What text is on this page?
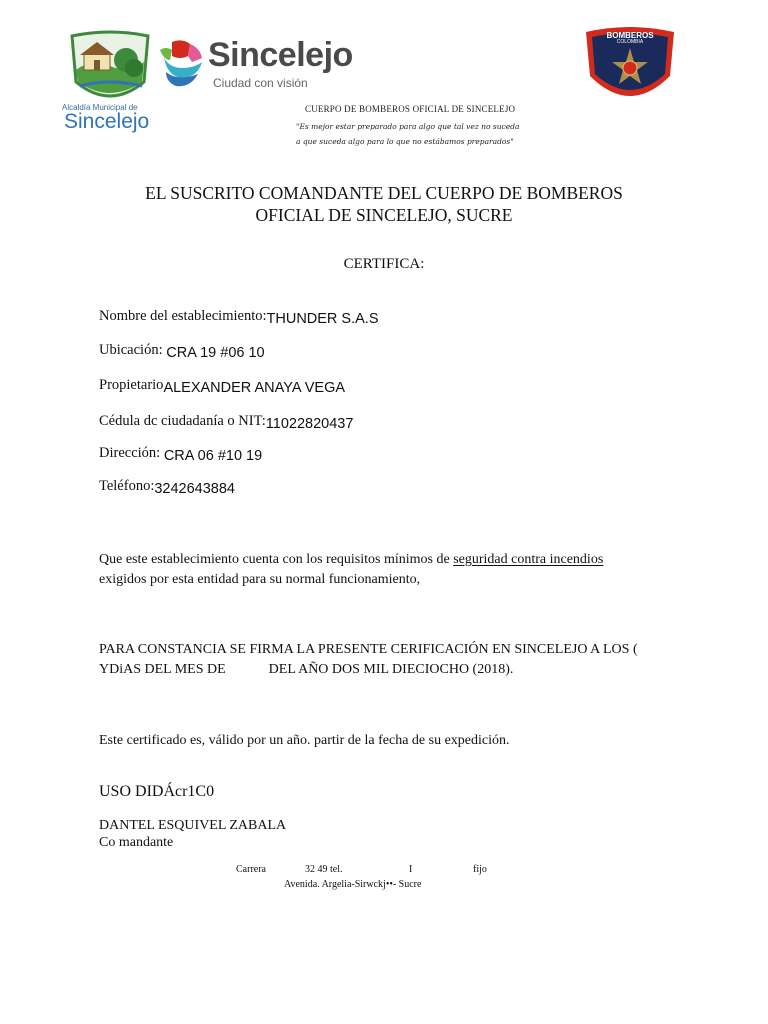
Alcaldía Municipal de
Sincelejo
Sincelejo
Ciudad con visión
BOMBEROS
COLOMBIA
CUERPO DE BOMBEROS OFICIAL DE SINCELEJO
"Es mejor estar preparado para algo que tal vez no suceda
a que suceda algo para lo que no estábamos preparados"
EL SUSCRITO COMANDANTE DEL CUERPO DE BOMBEROS
OFICIAL DE SINCELEJO, SUCRE
CERTIFICA:
Nombre del establecimiento:THUNDER S.A.S
Ubicación: CRA 19 #06 10
PropietarioALEXANDER ANAYA VEGA
Cédula dc ciudadanía o NIT:11022820437
Dirección: CRA 06 #10 19
Teléfono:3242643884
Que este establecimiento cuenta con los requisitos mínimos de seguridad contra incendios
exigidos por esta entidad para su normal funcionamiento,
PARA CONSTANCIA SE FIRMA LA PRESENTE CERIFICACIÓN EN SINCELEJO A LOS (
YDiAS DEL MES DE	DEL AÑO DOS MIL DIECIOCHO (2018).
Este certificado es, válido por un año. partir de la fecha de su expedición.
USO DIDÁcr1C0
DANTEL ESQUIVEL ZABALA
Co mandante
Carrera	32 49 tel.	I	fijo
Avenida. Argelia-Sirwckj••- Sucre
